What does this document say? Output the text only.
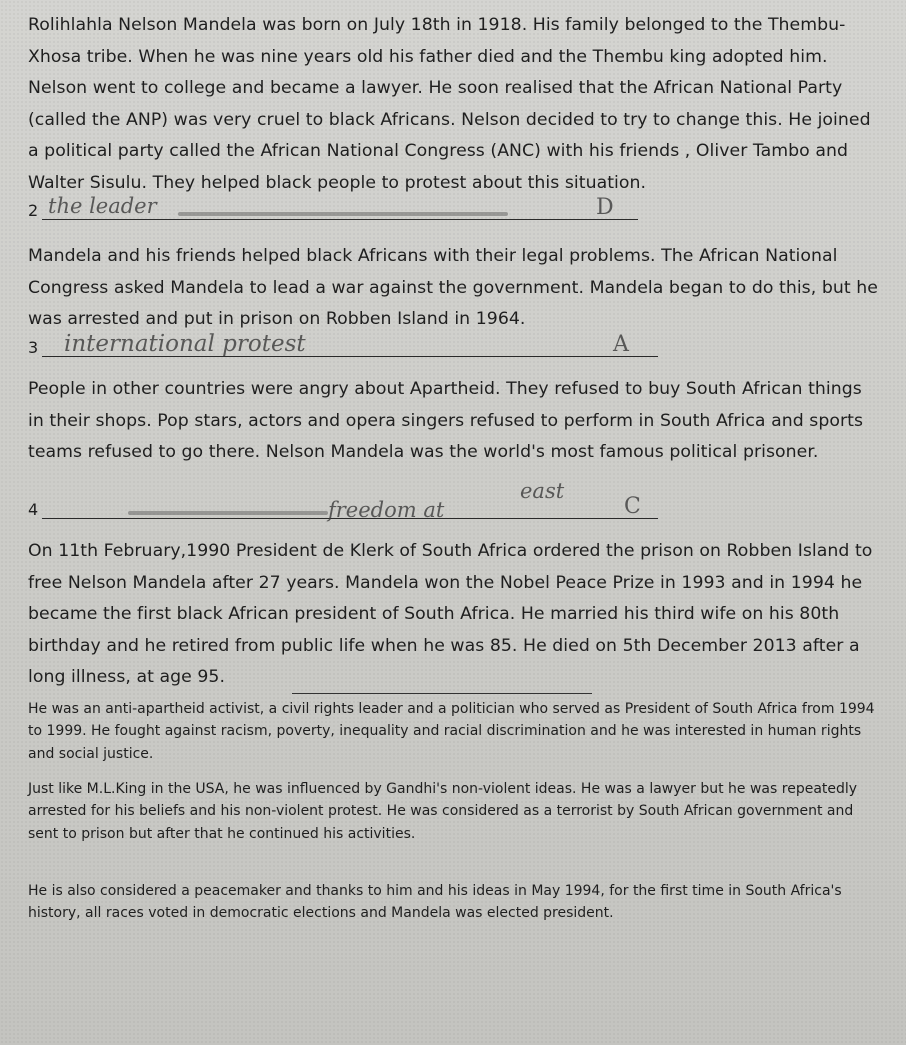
Rolihlahla Nelson Mandela was born on July 18th in 1918. His family belonged to the Thembu-Xhosa tribe. When he was nine years old his father died and the Thembu king adopted him. Nelson went to college and became a lawyer. He soon realised that the African National Party (called the ANP) was very cruel to black Africans. Nelson decided to try to change this. He joined a political party called the African National Congress (ANC) with his friends , Oliver Tambo and Walter Sisulu. They helped black people to protest about this situation.

2 the leader	D

Mandela and his friends helped black Africans with their legal problems. The African National Congress asked Mandela to lead a war against the government. Mandela began to do this, but he was arrested and put in prison on Robben Island in 1964.

3 international protest	A

People in other countries were angry about Apartheid. They refused to buy South African things in their shops. Pop stars, actors and opera singers refused to perform in South Africa and sports teams refused to go there. Nelson Mandela was the world's most famous political prisoner.

4	freedom at
east
C

On 11th February,1990 President de Klerk of South Africa ordered the prison on Robben Island to free Nelson Mandela after 27 years. Mandela won the Nobel Peace Prize in 1993 and in 1994 he became the first black African president of South Africa. He married his third wife on his 80th birthday and he retired from public life when he was 85. He died on 5th December 2013 after a long illness, at age 95.

He was an anti-apartheid activist, a civil rights leader and a politician who served as President of South Africa from 1994 to 1999. He fought against racism, poverty, inequality and racial discrimination and he was interested in human rights and social justice.

Just like M.L.King in the USA, he was influenced by Gandhi's non-violent ideas. He was a lawyer but he was repeatedly arrested for his beliefs and his non-violent protest. He was considered as a terrorist by South African government and sent to prison but after that he continued his activities.

He is also considered a peacemaker and thanks to him and his ideas in May 1994, for the first time in South Africa's history, all races voted in democratic elections and Mandela was elected president.
